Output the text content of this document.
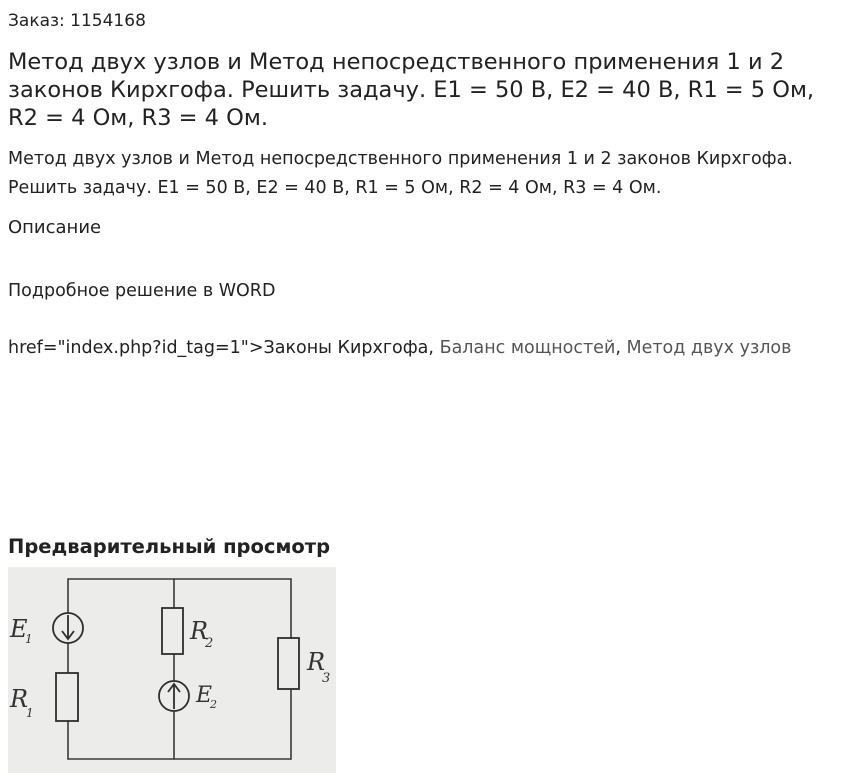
Заказ: 1154168
Метод двух узлов и Метод непосредственного применения 1 и 2 законов Кирхгофа. Решить задачу. E1 = 50 В, E2 = 40 В, R1 = 5 Ом, R2 = 4 Ом, R3 = 4 Ом.

Метод двух узлов и Метод непосредственного применения 1 и 2 законов Кирхгофа. Решить задачу. E1 = 50 В, E2 = 40 В, R1 = 5 Ом, R2 = 4 Ом, R3 = 4 Ом.

Описание

Подробное решение в WORD

href="index.php?id_tag=1">Законы Кирхгофа, Баланс мощностей, Метод двух узлов

Предварительный просмотр
E
1
R
1
R
2
E
2
R
3
